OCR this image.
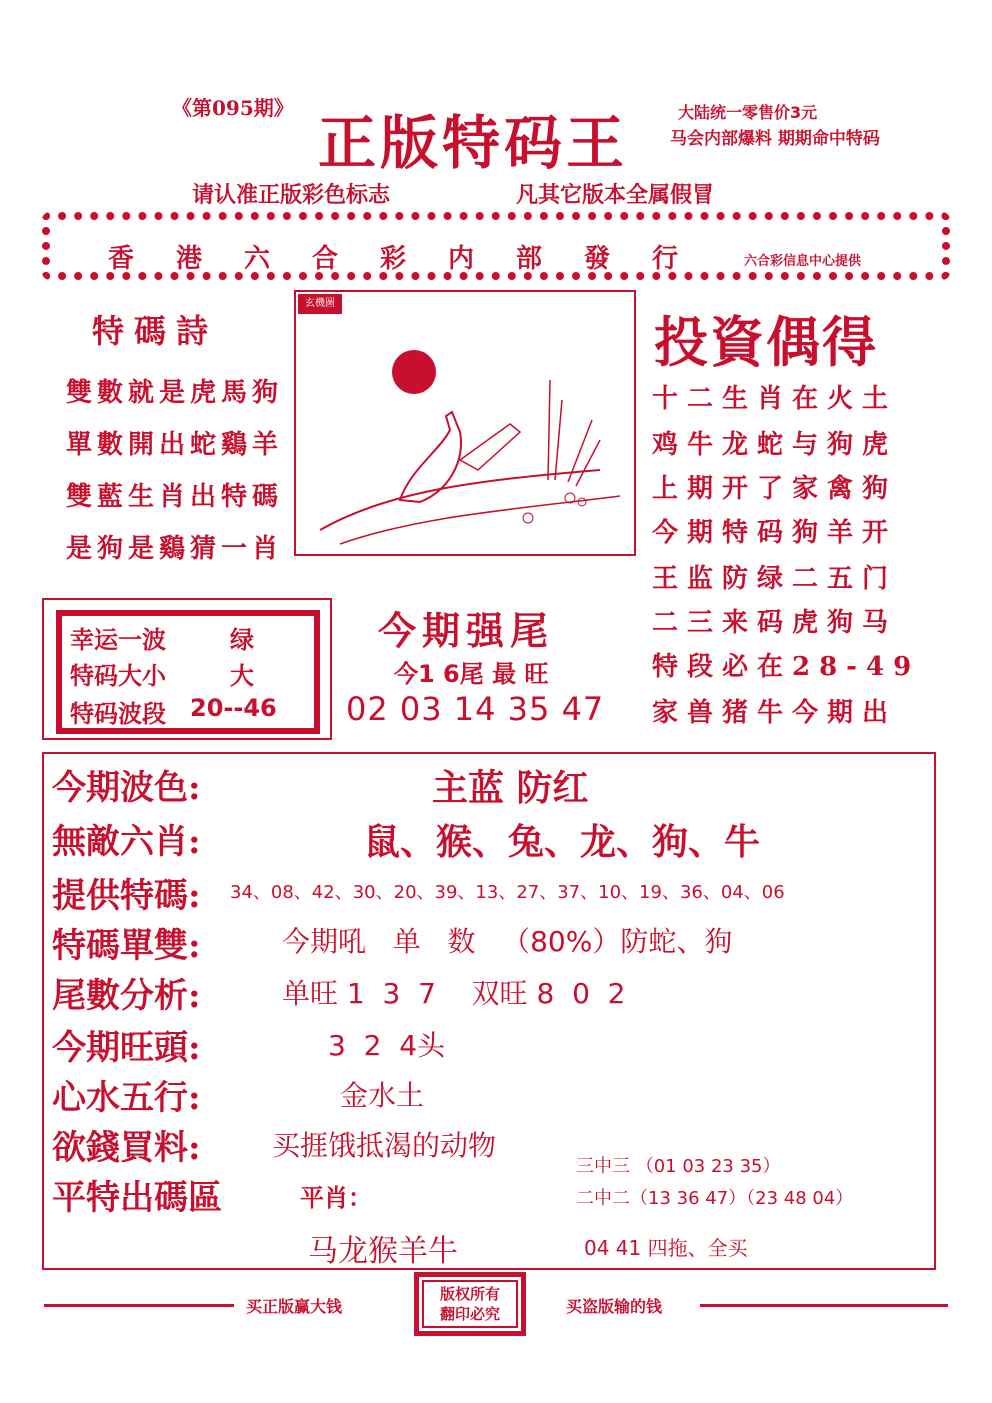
《第095期》
正版特码王	大陆统一零售价3元
马会内部爆料 期期命中特码
请认准正版彩色标志	凡其它版本全属假冒
香港六合彩内部發行 六合彩信息中心提供
特碼詩
雙數就是虎馬狗
單數開出蛇鷄羊
雙藍生肖出特碼
是狗是鷄猜一肖
玄機圖
投資偶得
十二生肖在火土
鸡牛龙蛇与狗虎
上期开了家禽狗
今期特码狗羊开
王监防绿二五门
二三来码虎狗马
特段必在28-49
家兽猪牛今期出
幸运一波	绿
特码大小	大
特码波段 20--46
今期强尾
今1 6尾 最 旺
02 03 14 35 47
今期波色:	主蓝 防红
無敵六肖:	鼠、猴、兔、龙、狗、牛
提供特碼: 34、08、42、30、20、39、13、27、37、10、19、36、04、06
特碼單雙:	今期吼   单   数   （80%）防蛇、狗
尾數分析:	单旺 1  3  7    双旺 8  0  2
今期旺頭:	3  2  4头
心水五行:	金水土
欲錢買料:	买捱饿抵渴的动物
平特出碼區	平肖：
马龙猴羊牛
三中三 （01 03 23 35）
二中二（13 36 47）（23 48 04）
04 41 四拖、全买
买正版赢大钱	买盗版输的钱
版权所有
翻印必究
